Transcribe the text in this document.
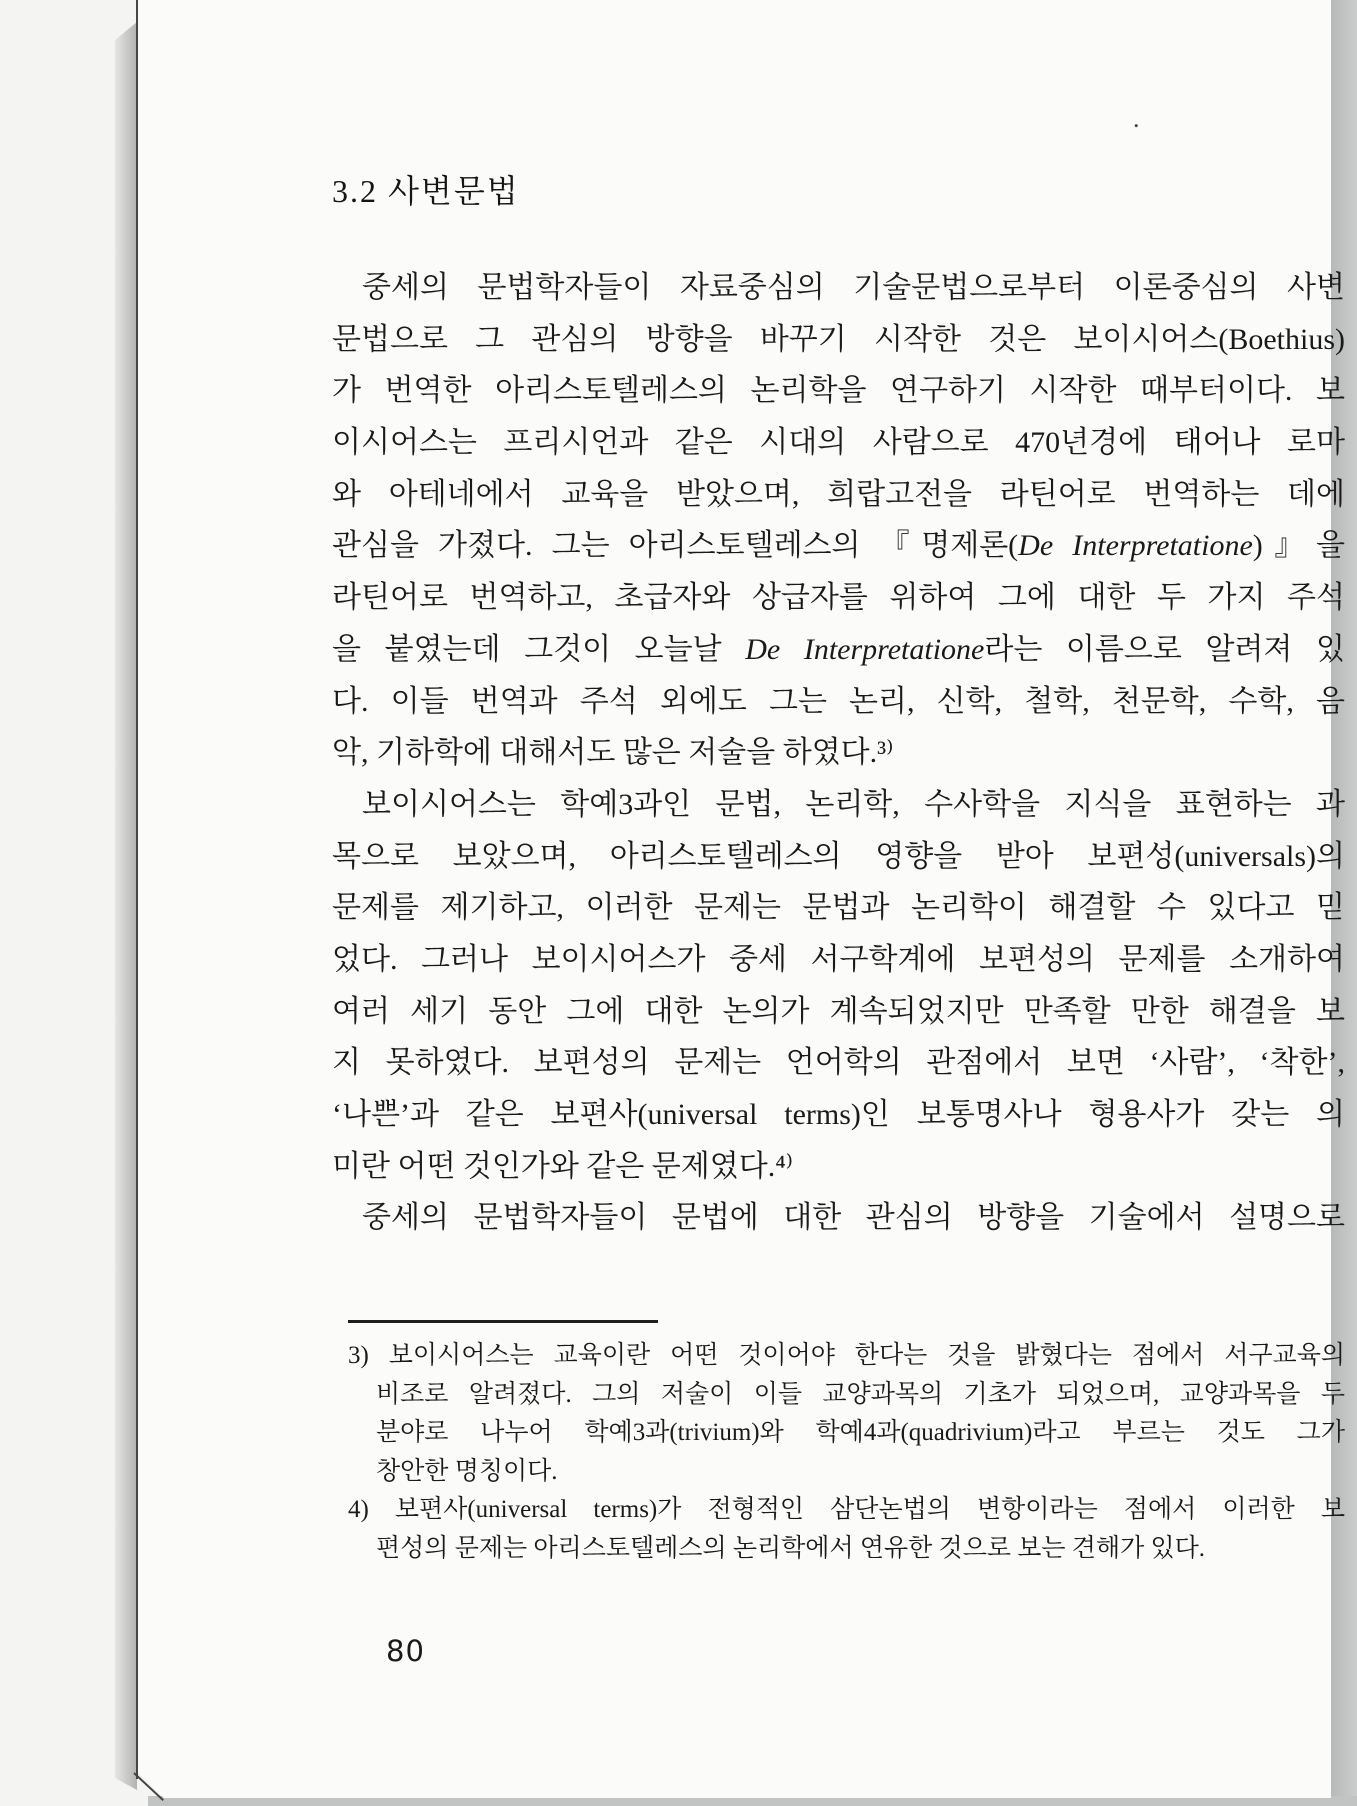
.
3.2 사변문법
중세의 문법학자들이 자료중심의 기술문법으로부터 이론중심의 사변
문법으로 그 관심의 방향을 바꾸기 시작한 것은 보이시어스(Boethius)
가 번역한 아리스토텔레스의 논리학을 연구하기 시작한 때부터이다. 보
이시어스는 프리시언과 같은 시대의 사람으로 470년경에 태어나 로마
와 아테네에서 교육을 받았으며, 희랍고전을 라틴어로 번역하는 데에
관심을 가졌다. 그는 아리스토텔레스의 『명제론(De Interpretatione)』을
라틴어로 번역하고, 초급자와 상급자를 위하여 그에 대한 두 가지 주석
을 붙였는데 그것이 오늘날 De Interpretatione라는 이름으로 알려져 있
다. 이들 번역과 주석 외에도 그는 논리, 신학, 철학, 천문학, 수학, 음
악, 기하학에 대해서도 많은 저술을 하였다.³⁾
보이시어스는 학예3과인 문법, 논리학, 수사학을 지식을 표현하는 과
목으로 보았으며, 아리스토텔레스의 영향을 받아 보편성(universals)의
문제를 제기하고, 이러한 문제는 문법과 논리학이 해결할 수 있다고 믿
었다. 그러나 보이시어스가 중세 서구학계에 보편성의 문제를 소개하여
여러 세기 동안 그에 대한 논의가 계속되었지만 만족할 만한 해결을 보
지 못하였다. 보편성의 문제는 언어학의 관점에서 보면 ‘사람’, ‘착한’,
‘나쁜’과 같은 보편사(universal terms)인 보통명사나 형용사가 갖는 의
미란 어떤 것인가와 같은 문제였다.⁴⁾
중세의 문법학자들이 문법에 대한 관심의 방향을 기술에서 설명으로
3) 보이시어스는 교육이란 어떤 것이어야 한다는 것을 밝혔다는 점에서 서구교육의
비조로 알려졌다. 그의 저술이 이들 교양과목의 기초가 되었으며, 교양과목을 두
분야로 나누어 학예3과(trivium)와 학예4과(quadrivium)라고 부르는 것도 그가
창안한 명칭이다.
4) 보편사(universal terms)가 전형적인 삼단논법의 변항이라는 점에서 이러한 보
편성의 문제는 아리스토텔레스의 논리학에서 연유한 것으로 보는 견해가 있다.
80
